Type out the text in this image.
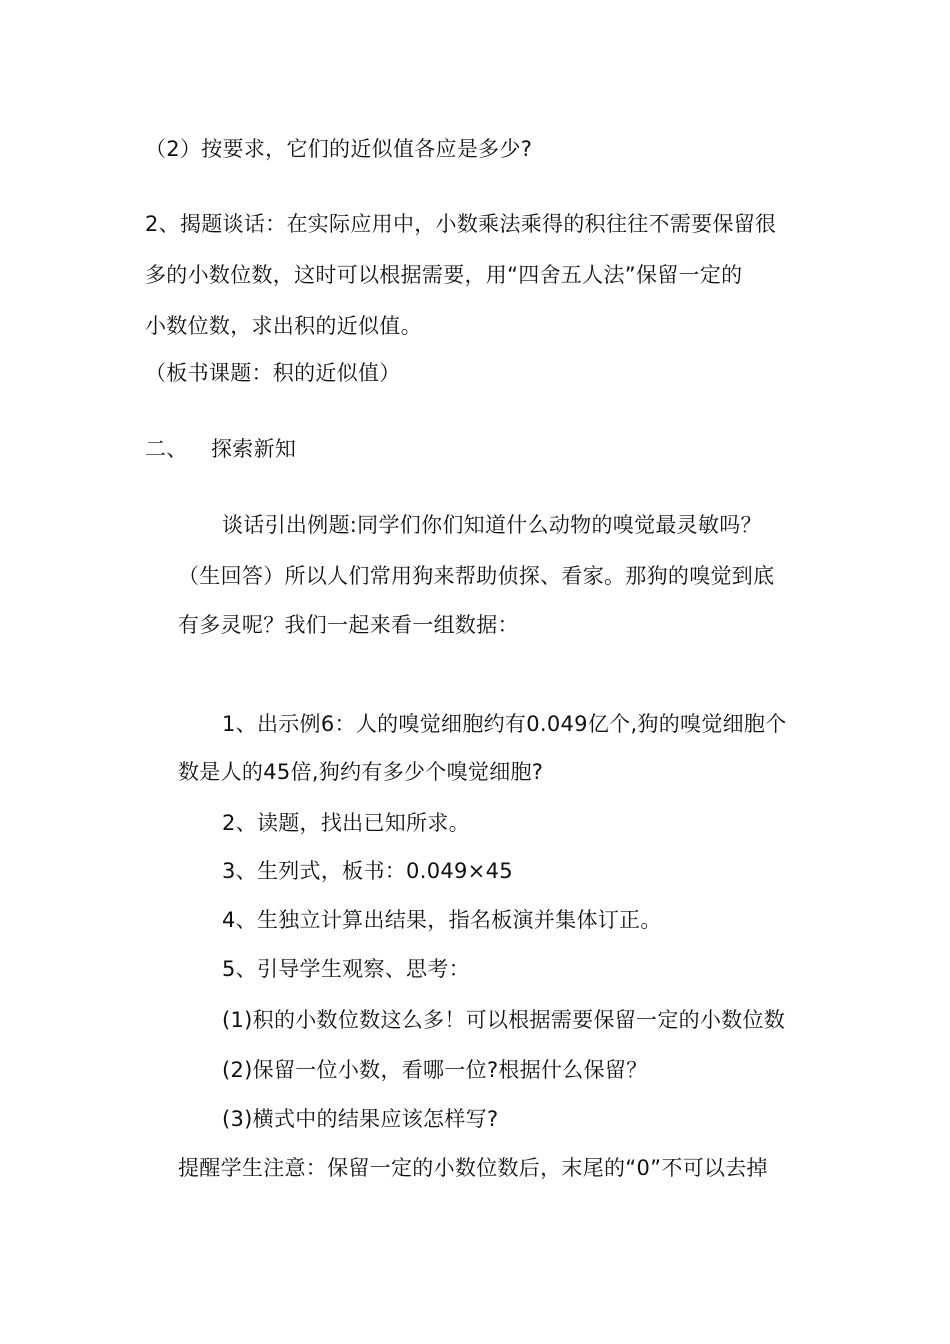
（2）按要求，它们的近似值各应是多少?
2、揭题谈话：在实际应用中，小数乘法乘得的积往往不需要保留很
多的小数位数，这时可以根据需要，用“四舍五人法”保留一定的
小数位数，求出积的近似值。
（板书课题：积的近似值）
二、 探索新知
谈话引出例题:同学们你们知道什么动物的嗅觉最灵敏吗？
（生回答）所以人们常用狗来帮助侦探、看家。那狗的嗅觉到底
有多灵呢？我们一起来看一组数据：
1、出示例6：人的嗅觉细胞约有0.049亿个,狗的嗅觉细胞个
数是人的45倍,狗约有多少个嗅觉细胞?
2、读题，找出已知所求。
3、生列式，板书：0.049×45
4、生独立计算出结果，指名板演并集体订正。
5、引导学生观察、思考：
(1)积的小数位数这么多！可以根据需要保留一定的小数位数
(2)保留一位小数，看哪一位?根据什么保留？
(3)横式中的结果应该怎样写?
提醒学生注意：保留一定的小数位数后，末尾的“0”不可以去掉
